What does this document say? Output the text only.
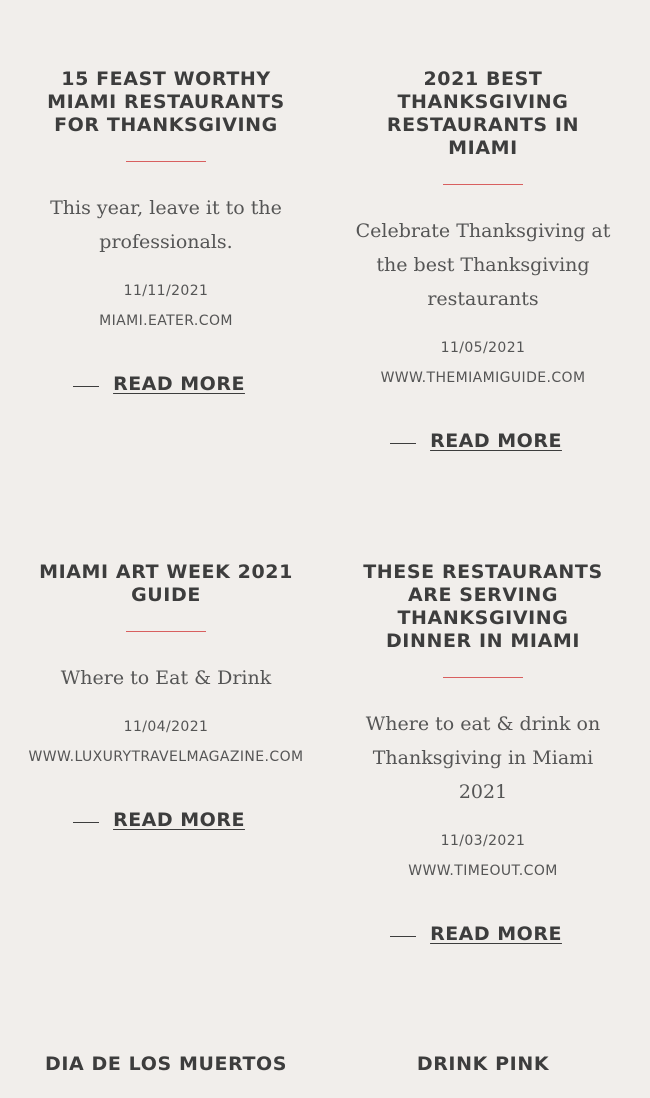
15 FEAST WORTHY MIAMI RESTAURANTS FOR THANKSGIVING

This year, leave it to the professionals.

11/11/2021
MIAMI.EATER.COM
READ MORE
2021 BEST THANKSGIVING RESTAURANTS IN MIAMI

Celebrate Thanksgiving at the best Thanksgiving restaurants

11/05/2021
WWW.THEMIAMIGUIDE.COM
READ MORE
MIAMI ART WEEK 2021 GUIDE

Where to Eat & Drink

11/04/2021
WWW.LUXURYTRAVELMAGAZINE.COM
READ MORE
THESE RESTAURANTS ARE SERVING THANKSGIVING DINNER IN MIAMI

Where to eat & drink on Thanksgiving in Miami 2021

11/03/2021
WWW.TIMEOUT.COM
READ MORE
DIA DE LOS MUERTOS	DRINK PINK
